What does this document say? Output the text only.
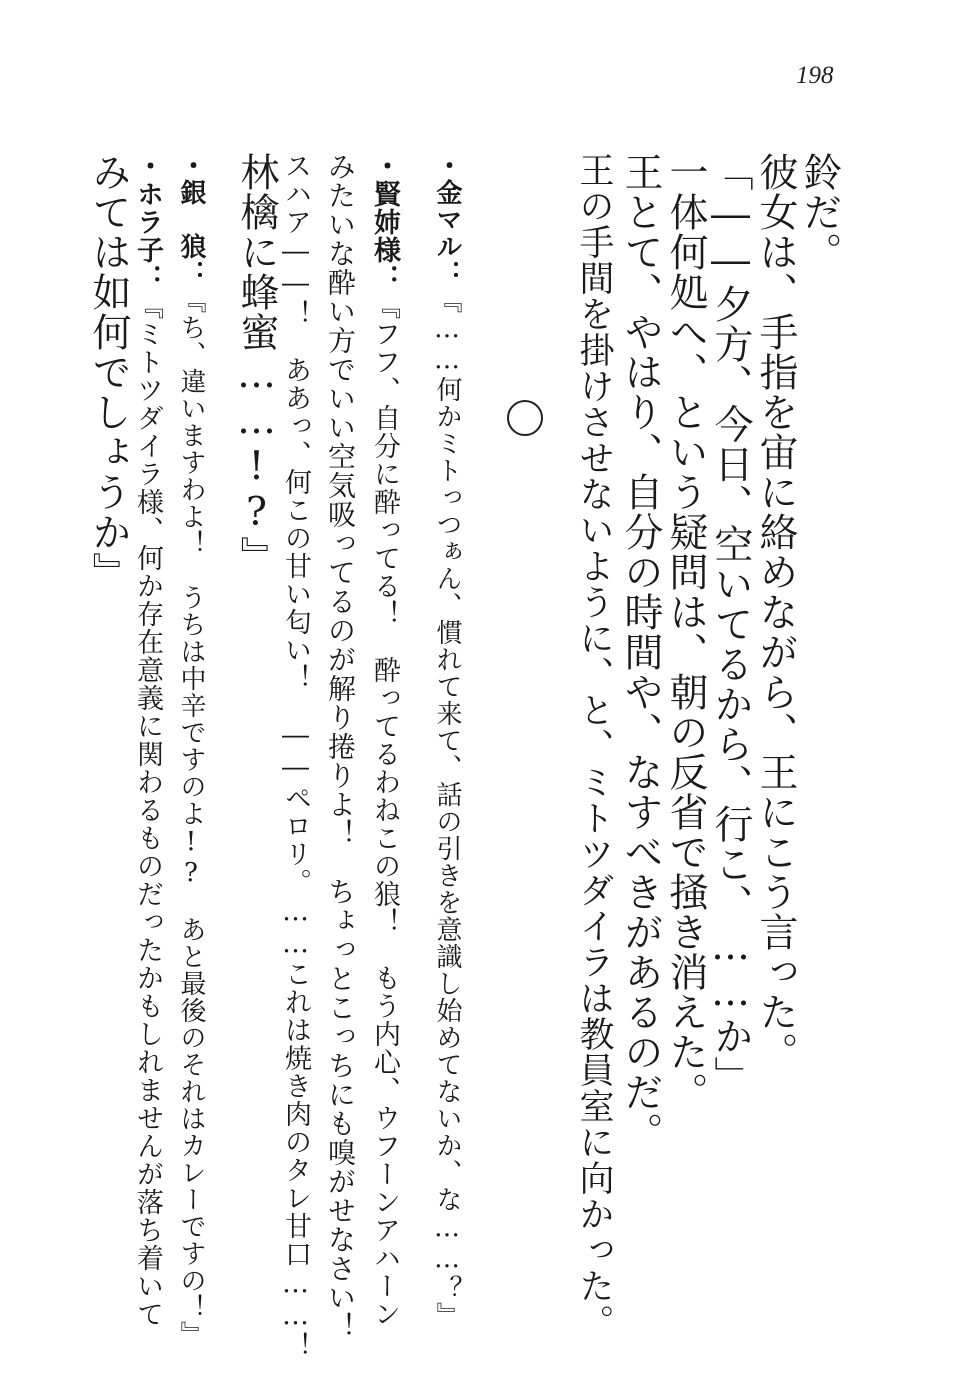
198
鈴だ。
彼女は、手指を宙に絡めながら、王にこう言った。
「――夕方、今日、空いてるから、行こ、……か」
一体何処へ、という疑問は、朝の反省で掻き消えた。
王とて、やはり、自分の時間や、なすべきがあるのだ。
王の手間を掛けさせないように、と、ミトツダイラは教員室に向かった。
・金マル：『……何かミトっつぁん、慣れて来て、話の引きを意識し始めてないか、な……？』
・賢姉様：『フフ、自分に酔ってる！　酔ってるわねこの狼！　もう内心、ウフーンアハーン
みたいな酔い方でいい空気吸ってるのが解り捲りよ！　ちょっとこっちにも嗅がせなさい！
スハア――！　ああっ、何この甘い匂い！　――ペロリ。……これは焼き肉のタレ甘口……！
林檎に蜂蜜……!?』
・銀　狼：『ち、違いますわよ！　うちは中辛ですのよ!?　あと最後のそれはカレーですの！』
・ホラ子：『ミトツダイラ様、何か存在意義に関わるものだったかもしれませんが落ち着いて
みては如何でしょうか』
